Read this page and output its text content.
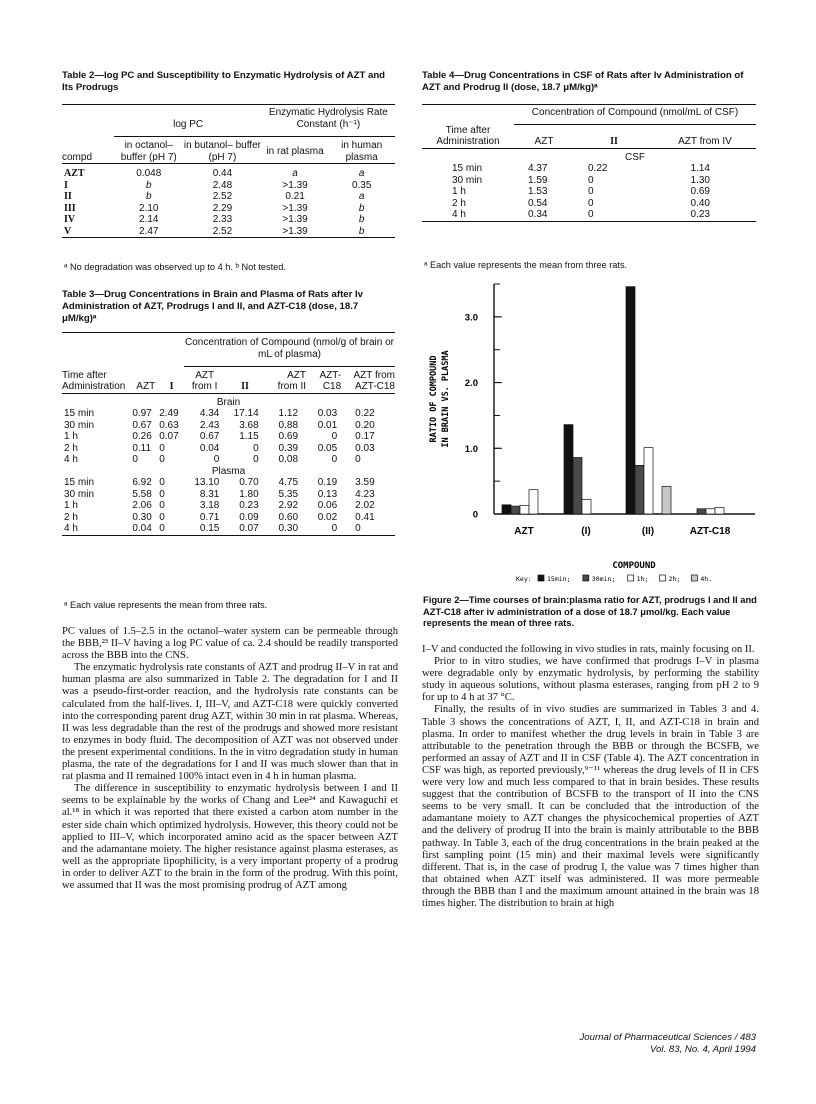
Table 2—log PC and Susceptibility to Enzymatic Hydrolysis of AZT and Its Prodrugs
	log PC		Enzymatic Hydrolysis Rate Constant (h⁻¹)	

compd	in octanol– buffer (pH 7)	in butanol– buffer (pH 7)	in rat plasma	in human plasma

AZT	0.048	0.44	a	a
I	b	2.48	>1.39	0.35
II	b	2.52	0.21	a
III	2.10	2.29	>1.39	b
IV	2.14	2.33	>1.39	b
V	2.47	2.52	>1.39	b

ᵃ No degradation was observed up to 4 h. ᵇ Not tested.
Table 3—Drug Concentrations in Brain and Plasma of Rats after Iv Administration of AZT, Prodrugs I and II, and AZT-C18 (dose, 18.7 μM/kg)ᵃ
			Concentration of Compound (nmol/g of brain or mL of plasma)				

Time after Administration	AZT	I	AZT from I	II	AZT from II	AZT- C18	AZT from AZT-C18

Brain							
15 min	0.97	2.49	4.34	17.14	1.12	0.03	0.22
30 min	0.67	0.63	2.43	3.68	0.88	0.01	0.20
1 h	0.26	0.07	0.67	1.15	0.69	0	0.17
2 h	0.11	0	0.04	0	0.39	0.05	0.03
4 h	0	0	0	0	0.08	0	0
Plasma							
15 min	6.92	0	13.10	0.70	4.75	0.19	3.59
30 min	5.58	0	8.31	1.80	5.35	0.13	4.23
1 h	2.06	0	3.18	0.23	2.92	0.06	2.02
2 h	0.30	0	0.71	0.09	0.60	0.02	0.41
4 h	0.04	0	0.15	0.07	0.30	0	0

ᵃ Each value represents the mean from three rats.

PC values of 1.5–2.5 in the octanol–water system can be permeable through the BBB,²³ II–V having a log PC value of ca. 2.4 should be readily transported across the BBB into the CNS.

The enzymatic hydrolysis rate constants of AZT and prodrug II–V in rat and human plasma are also summarized in Table 2. The degradation for I and II was a pseudo-first-order reaction, and the hydrolysis rate constants can be calculated from the half-lives. I, III–V, and AZT-C18 were quickly converted into the corresponding parent drug AZT, within 30 min in rat plasma. Whereas, II was less degradable than the rest of the prodrugs and showed more resistant to enzymes in body fluid. The decomposition of AZT was not observed under the present experimental conditions. In the in vitro degradation study in human plasma, the rate of the degradations for I and II was much slower than that in rat plasma and II remained 100% intact even in 4 h in human plasma.

The difference in susceptibility to enzymatic hydrolysis between I and II seems to be explainable by the works of Chang and Lee²⁴ and Kawaguchi et al.¹⁸ in which it was reported that there existed a carbon atom number in the ester side chain which optimized hydrolysis. However, this theory could not be applied to III–V, which incorporated amino acid as the spacer between AZT and the adamantane moiety. The higher resistance against plasma esterases, as well as the appropriate lipophilicity, is a very important property of a prodrug in order to deliver AZT to the brain in the form of the prodrug. With this point, we assumed that II was the most promising prodrug of AZT among

Table 4—Drug Concentrations in CSF of Rats after Iv Administration of AZT and Prodrug II (dose, 18.7 μM/kg)ᵃ
	Concentration of Compound (nmol/mL of CSF)		

Time after Administration	AZT	II	AZT from IV

	CSF		
15 min	4.37	0.22	1.14
30 min	1.59	0	1.30
1 h	1.53	0	0.69
2 h	0.54	0	0.40
4 h	0.34	0	0.23

ᵃ Each value represents the mean from three rats.
0
1.0
2.0
3.0
RATIO OF COMPOUND IN BRAIN VS. PLASMA
AZT	(I)	(II)	AZT-C18
COMPOUND
Key: 15min;	30min;	1h;	2h;	4h.
Figure 2—Time courses of brain:plasma ratio for AZT, prodrugs I and II and AZT-C18 after iv administration of a dose of 18.7 μmol/kg. Each value represents the mean of three rats.

I–V and conducted the following in vivo studies in rats, mainly focusing on II.

Prior to in vitro studies, we have confirmed that prodrugs I–V in plasma were degradable only by enzymatic hydrolysis, by performing the stability study in aqueous solutions, without plasma esterases, ranging from pH 2 to 9 for up to 4 h at 37 °C.

Finally, the results of in vivo studies are summarized in Tables 3 and 4. Table 3 shows the concentrations of AZT, I, II, and AZT-C18 in brain and plasma. In order to manifest whether the drug levels in brain in Table 3 are attributable to the penetration through the BBB or through the BCSFB, we performed an assay of AZT and II in CSF (Table 4). The AZT concentration in CSF was high, as reported previously,⁹⁻¹¹ whereas the drug levels of II in CFS were very low and much less compared to that in brain besides. These results suggest that the contribution of BCSFB to the transport of II into the CNS seems to be very small. It can be concluded that the introduction of the adamantane moiety to AZT changes the physicochemical properties of AZT and the delivery of prodrug II into the brain is mainly attributable to the BBB pathway. In Table 3, each of the drug concentrations in the brain peaked at the first sampling point (15 min) and their maximal levels were significantly different. That is, in the case of prodrug I, the value was 7 times higher than that obtained when AZT itself was administered. II was more permeable through the BBB than I and the maximum amount attained in the brain was 18 times higher. The distribution to brain at high

Journal of Pharmaceutical Sciences / 483
Vol. 83, No. 4, April 1994
